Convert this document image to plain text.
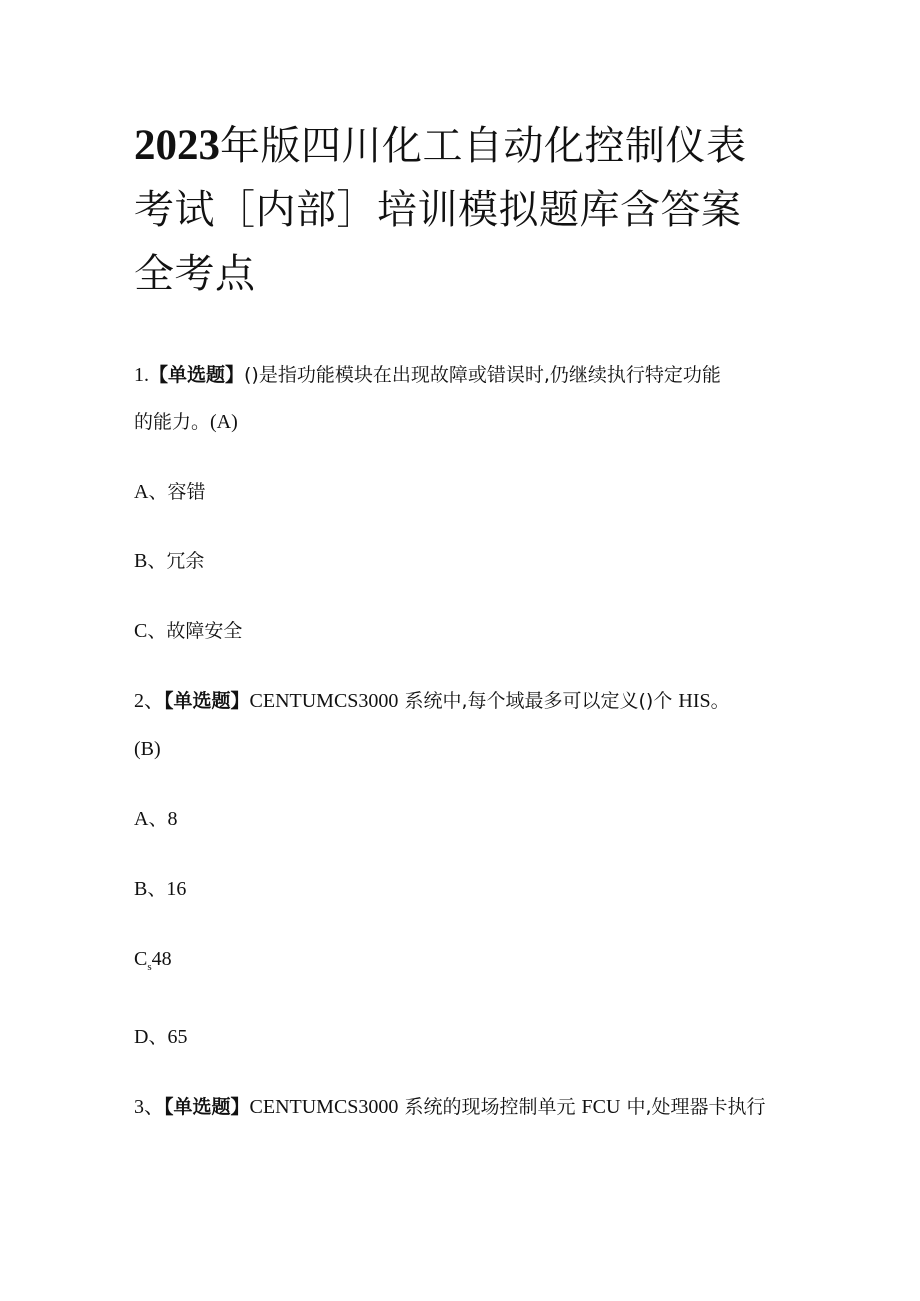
2023年版四川化工自动化控制仪表
考试［内部］培训模拟题库含答案
全考点

1.【单选题】()是指功能模块在出现故障或错误时,仍继续执行特定功能

的能力。(A)

A、容错

B、冗余

C、故障安全

2、【单选题】CENTUMCS3000 系统中,每个域最多可以定义()个 HIS。

(B)

A、8

B、16

$C_s48$

D、65

3、【单选题】CENTUMCS3000 系统的现场控制单元 FCU 中,处理器卡执行
